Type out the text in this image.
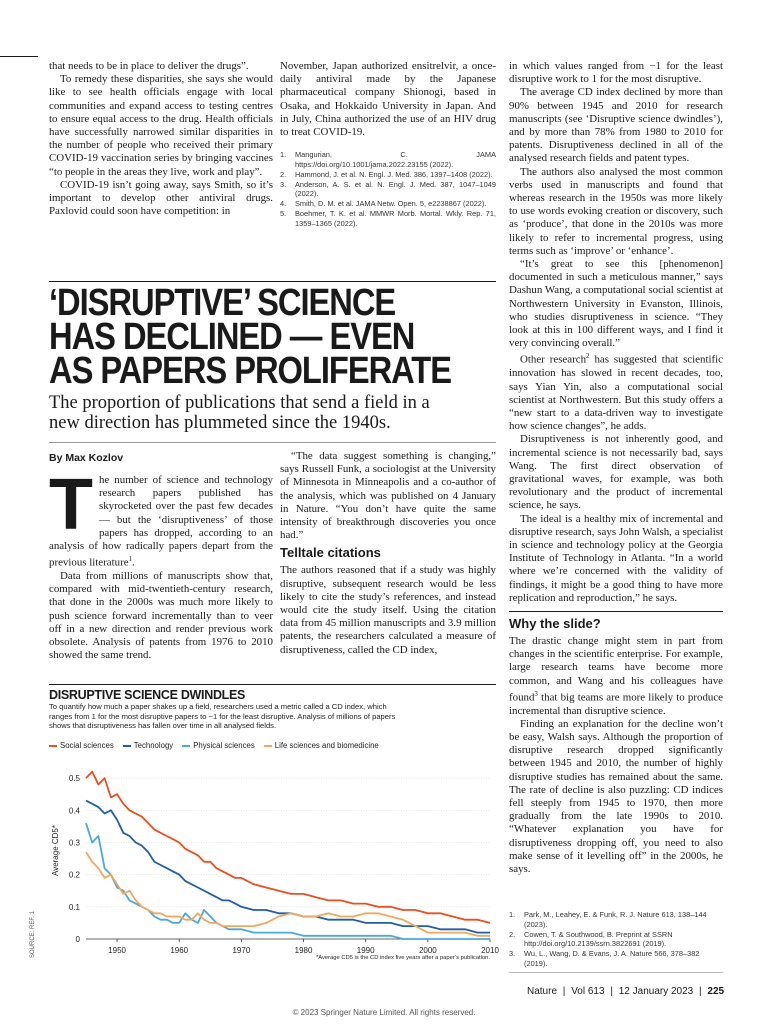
that needs to be in place to deliver the drugs”.

To remedy these disparities, she says she would like to see health officials engage with local communities and expand access to testing centres to ensure equal access to the drug. Health officials have successfully narrowed similar disparities in the number of people who received their primary COVID-19 vaccination series by bringing vaccines “to people in the areas they live, work and play”.

COVID-19 isn’t going away, says Smith, so it’s important to develop other antiviral drugs. Paxlovid could soon have competition: in

November, Japan authorized ensitrelvir, a once-daily antiviral made by the Japanese pharmaceutical company Shionogi, based in Osaka, and Hokkaido University in Japan. And in July, China authorized the use of an HIV drug to treat COVID-19.

1. Mangurian, C. JAMA https://doi.org/10.1001/jama.2022.23155 (2022).
2. Hammond, J. et al. N. Engl. J. Med. 386, 1397–1408 (2022).
3. Anderson, A. S. et al. N. Engl. J. Med. 387, 1047–1049 (2022).
4. Smith, D. M. et al. JAMA Netw. Open. 5, e2238867 (2022).
5. Boehmer, T. K. et al. MMWR Morb. Mortal. Wkly. Rep. 71, 1359–1365 (2022).
‘DISRUPTIVE’ SCIENCE
HAS DECLINED — EVEN
AS PAPERS PROLIFERATE
The proportion of publications that send a field in a new direction has plummeted since the 1940s.
By Max Kozlov

The number of science and technology research papers published has skyrocketed over the past few decades — but the ‘disruptiveness’ of those papers has dropped, according to an analysis of how radically papers depart from the previous literature$^1$.

Data from millions of manuscripts show that, compared with mid-twentieth-century research, that done in the 2000s was much more likely to push science forward incrementally than to veer off in a new direction and render previous work obsolete. Analysis of patents from 1976 to 2010 showed the same trend.

“The data suggest something is changing,” says Russell Funk, a sociologist at the University of Minnesota in Minneapolis and a co-author of the analysis, which was published on 4 January in Nature. “You don’t have quite the same intensity of breakthrough discoveries you once had.”

Telltale citations

The authors reasoned that if a study was highly disruptive, subsequent research would be less likely to cite the study’s references, and instead would cite the study itself. Using the citation data from 45 million manuscripts and 3.9 million patents, the researchers calculated a measure of disruptiveness, called the CD index,

in which values ranged from −1 for the least disruptive work to 1 for the most disruptive.

The average CD index declined by more than 90% between 1945 and 2010 for research manuscripts (see ‘Disruptive science dwindles’), and by more than 78% from 1980 to 2010 for patents. Disruptiveness declined in all of the analysed research fields and patent types.

The authors also analysed the most common verbs used in manuscripts and found that whereas research in the 1950s was more likely to use words evoking creation or discovery, such as ‘produce’, that done in the 2010s was more likely to refer to incremental progress, using terms such as ‘improve’ or ‘enhance’.

“It’s great to see this [phenomenon] documented in such a meticulous manner,” says Dashun Wang, a computational social scientist at Northwestern University in Evanston, Illinois, who studies disruptiveness in science. “They look at this in 100 different ways, and I find it very convincing overall.”

Other research$^2$ has suggested that scientific innovation has slowed in recent decades, too, says Yian Yin, also a computational social scientist at Northwestern. But this study offers a “new start to a data-driven way to investigate how science changes”, he adds.

Disruptiveness is not inherently good, and incremental science is not necessarily bad, says Wang. The first direct observation of gravitational waves, for example, was both revolutionary and the product of incremental science, he says.

The ideal is a healthy mix of incremental and disruptive research, says John Walsh, a specialist in science and technology policy at the Georgia Institute of Technology in Atlanta. “In a world where we’re concerned with the validity of findings, it might be a good thing to have more replication and reproduction,” he says.

Why the slide?

The drastic change might stem in part from changes in the scientific enterprise. For example, large research teams have become more common, and Wang and his colleagues have found$^3$ that big teams are more likely to produce incremental than disruptive science.

Finding an explanation for the decline won’t be easy, Walsh says. Although the proportion of disruptive research dropped significantly between 1945 and 2010, the number of highly disruptive studies has remained about the same. The rate of decline is also puzzling: CD indices fell steeply from 1945 to 1970, then more gradually from the late 1990s to 2010. “Whatever explanation you have for disruptiveness dropping off, you need to also make sense of it levelling off” in the 2000s, he says.

1. Park, M., Leahey, E. & Funk, R. J. Nature 613, 138–144 (2023).
2. Cowen, T. & Southwood, B. Preprint at SSRN http://doi.org/10.2139/ssrn.3822691 (2019).
3. Wu, L., Wang, D. & Evans, J. A. Nature 566, 378–382 (2019).
DISRUPTIVE SCIENCE DWINDLES
To quantify how much a paper shakes up a field, researchers used a metric called a CD index, which ranges from 1 for the most disruptive papers to −1 for the least disruptive. Analysis of millions of papers shows that disruptiveness has fallen over time in all analysed fields.
Social sciences	Technology	Physical sciences	Life sciences and biomedicine
0
0.1
0.2
0.3
0.4
0.5
1950	1960	1970	1980	1990	2000	2010
Average CD5*
SOURCE: REF. 1	*Average CD5 is the CD index five years after a paper’s publication.
Nature | Vol 613 | 12 January 2023 | 225
© 2023 Springer Nature Limited. All rights reserved.
